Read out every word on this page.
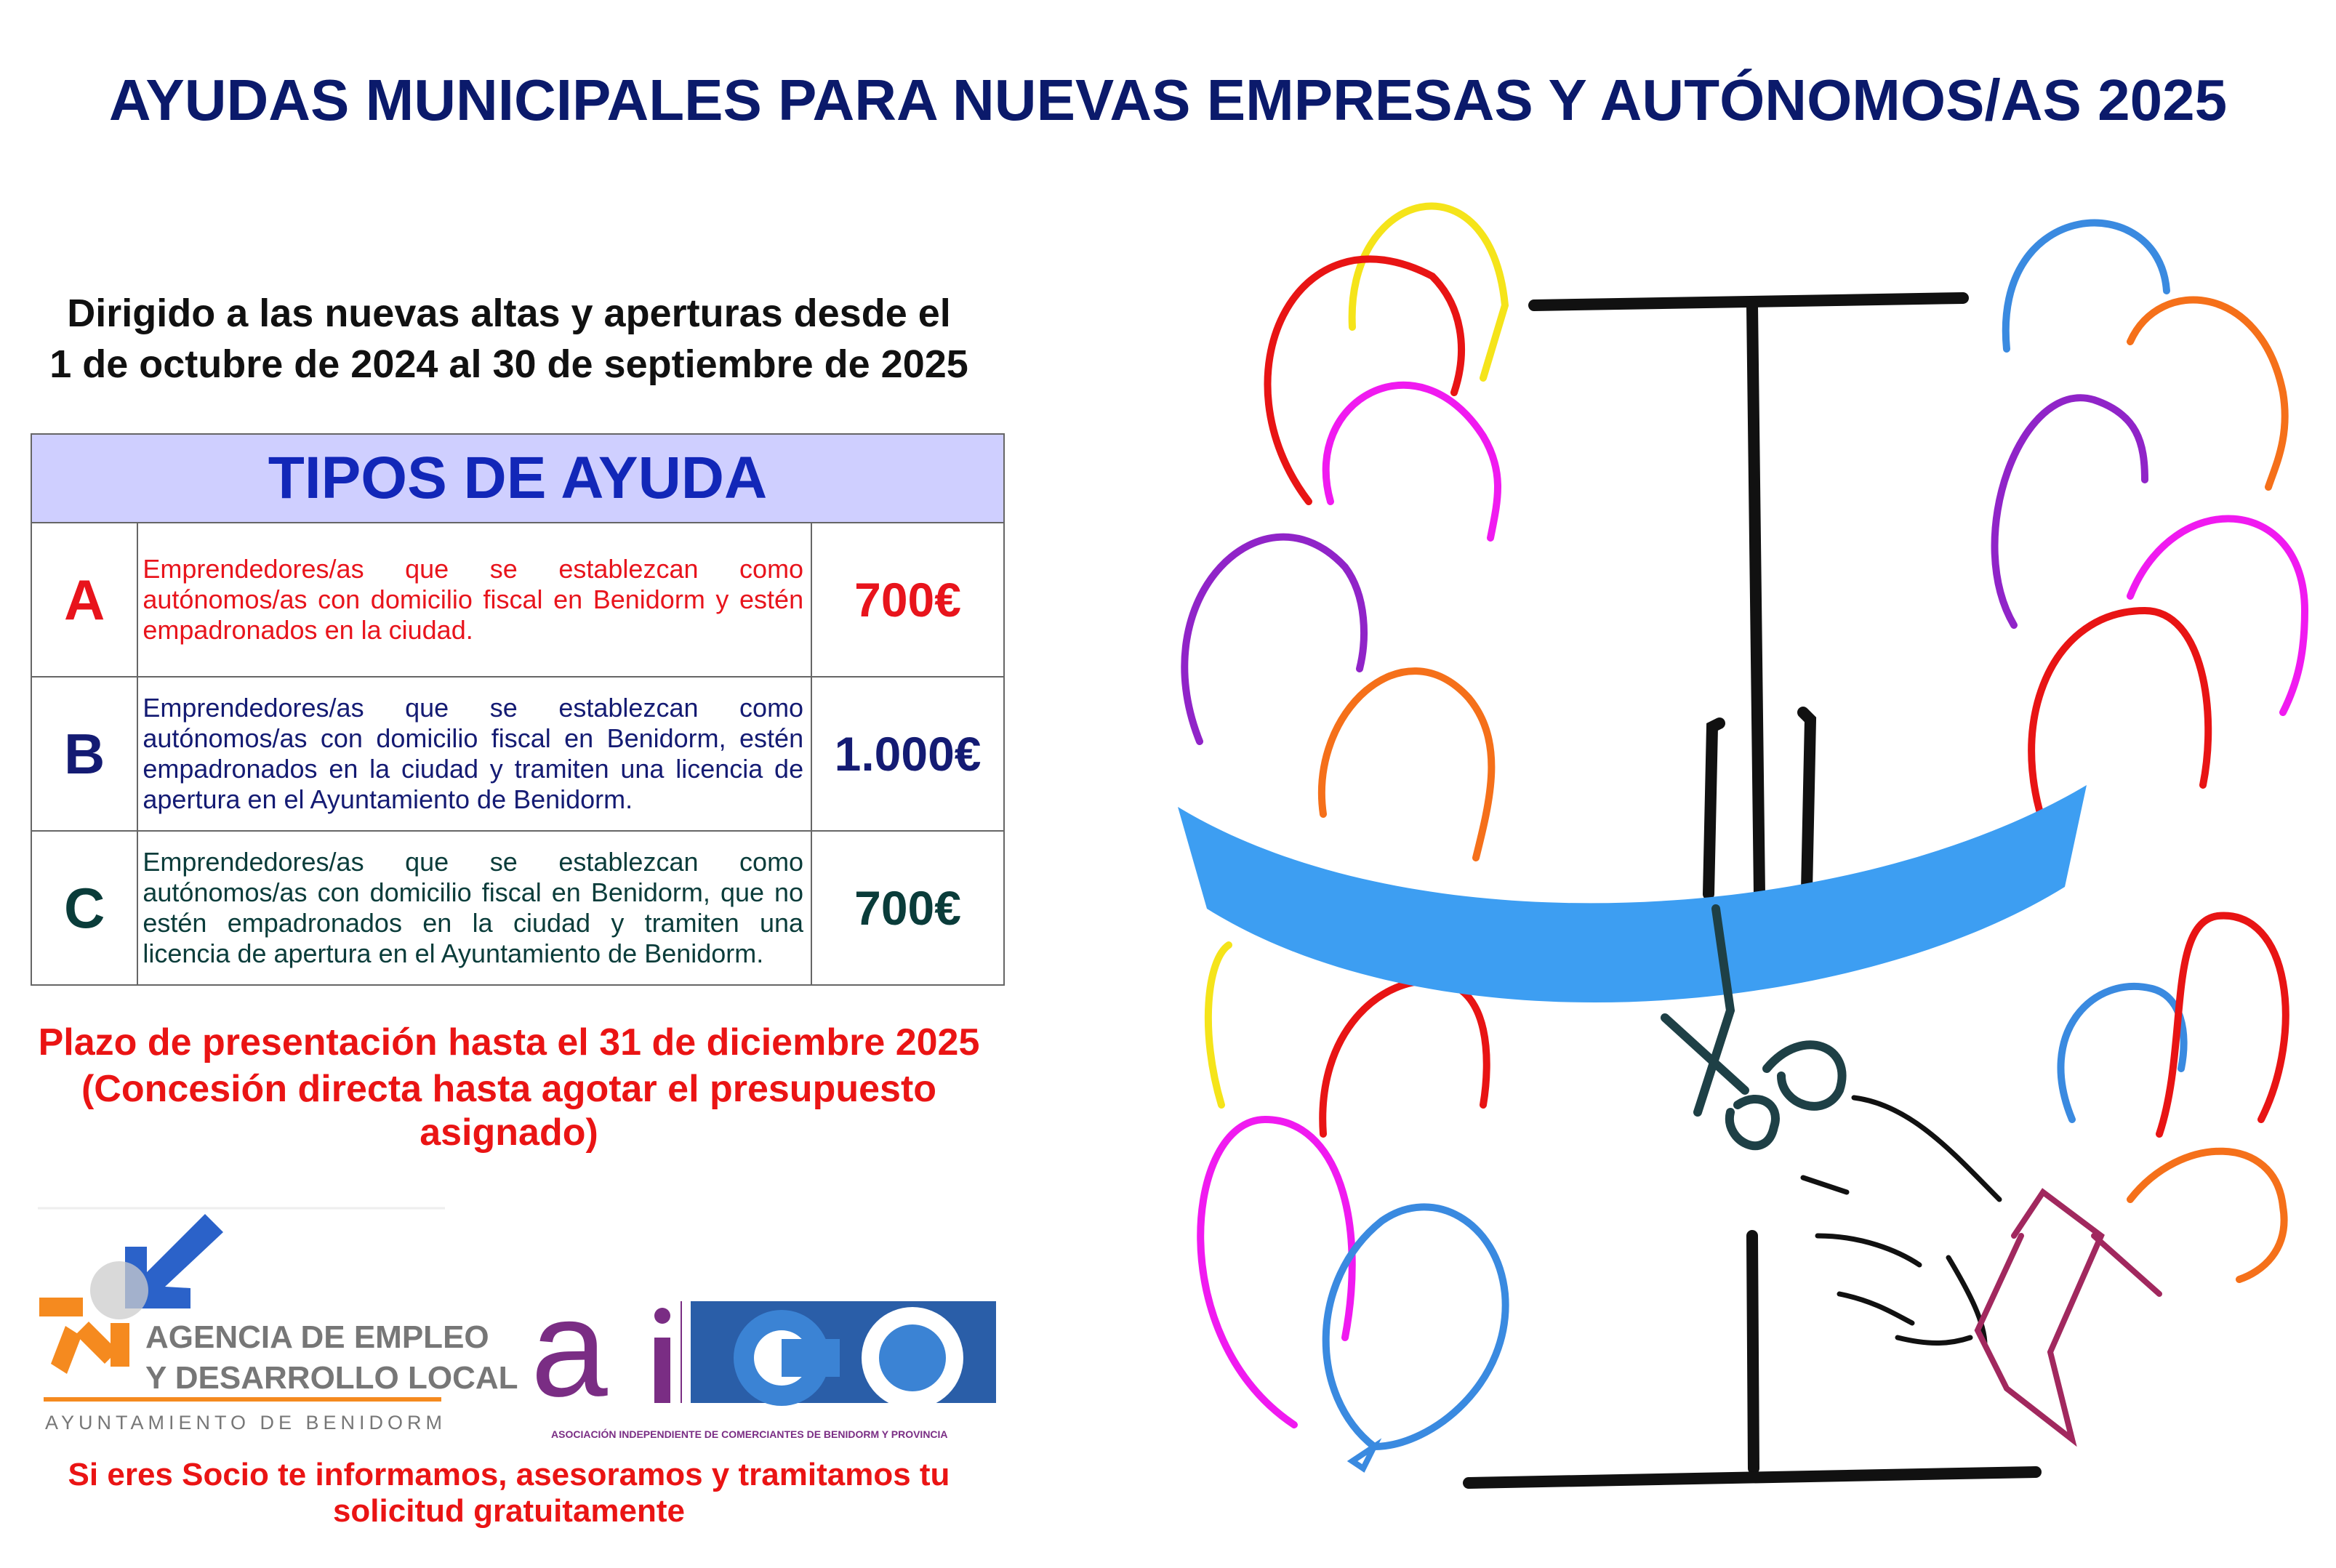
AYUDAS MUNICIPALES PARA NUEVAS EMPRESAS Y AUTÓNOMOS/AS 2025
Dirigido a las nuevas altas y aperturas desde el
1 de octubre de 2024 al 30 de septiembre de 2025
TIPOS DE AYUDA		
A	Emprendedores/as que se establezcan como autónomos/as con domicilio fiscal en Benidorm y estén empadronados en la ciudad.	700€
B	Emprendedores/as que se establezcan como autónomos/as con domicilio fiscal en Benidorm, estén empadronados en la ciudad y tramiten una licencia de apertura en el Ayuntamiento de Benidorm.	1.000€
C	Emprendedores/as que se establezcan como autónomos/as con domicilio fiscal en Benidorm, que no estén empadronados en la ciudad y tramiten una licencia de apertura en el Ayuntamiento de Benidorm.	700€
Plazo de presentación hasta el 31 de diciembre 2025
(Concesión directa hasta agotar el presupuesto asignado)
AGENCIA DE EMPLEO
Y DESARROLLO LOCAL
AYUNTAMIENTO DE BENIDORM a
ASOCIACIÓN INDEPENDIENTE DE COMERCIANTES DE BENIDORM Y PROVINCIA
Si eres Socio te informamos, asesoramos y tramitamos tu solicitud gratuitamente
